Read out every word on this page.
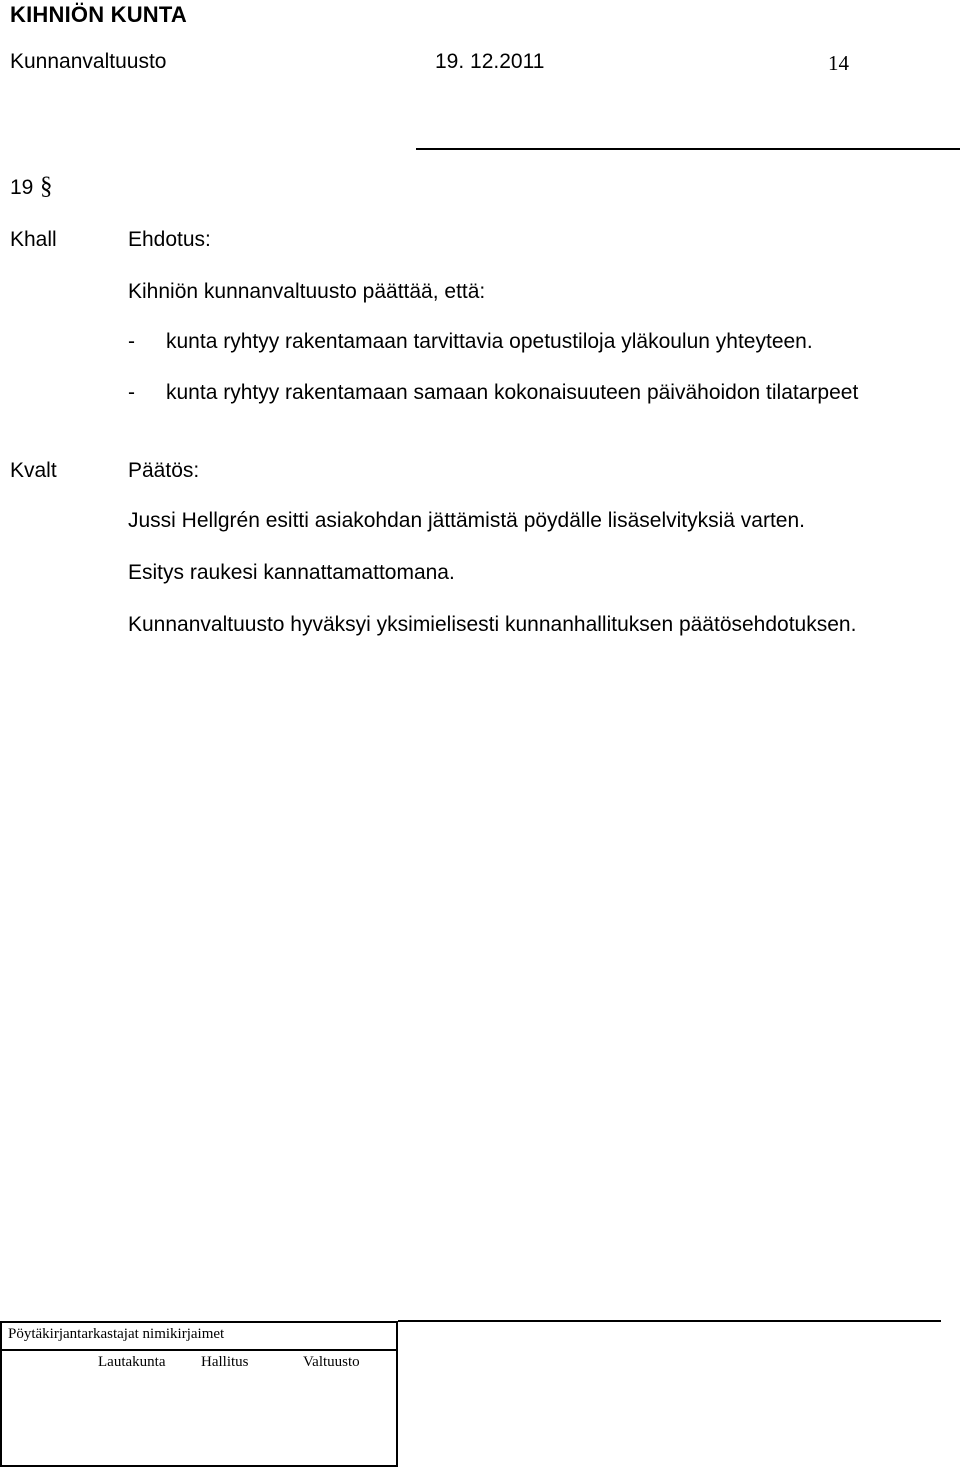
KIHNIÖN KUNTA
Kunnanvaltuusto	19. 12.2011	14
19 §
Khall	Ehdotus:
Kihniön kunnanvaltuusto päättää, että:
- kunta ryhtyy rakentamaan tarvittavia opetustiloja yläkoulun yhteyteen.
- kunta ryhtyy rakentamaan samaan kokonaisuuteen päivähoidon tilatarpeet
Kvalt	Päätös:
Jussi Hellgrén esitti asiakohdan jättämistä pöydälle lisäselvityksiä varten.
Esitys raukesi kannattamattomana.
Kunnanvaltuusto hyväksyi yksimielisesti kunnanhallituksen päätösehdotuksen.
Pöytäkirjantarkastajat nimikirjaimet
Lautakunta Hallitus	Valtuusto
